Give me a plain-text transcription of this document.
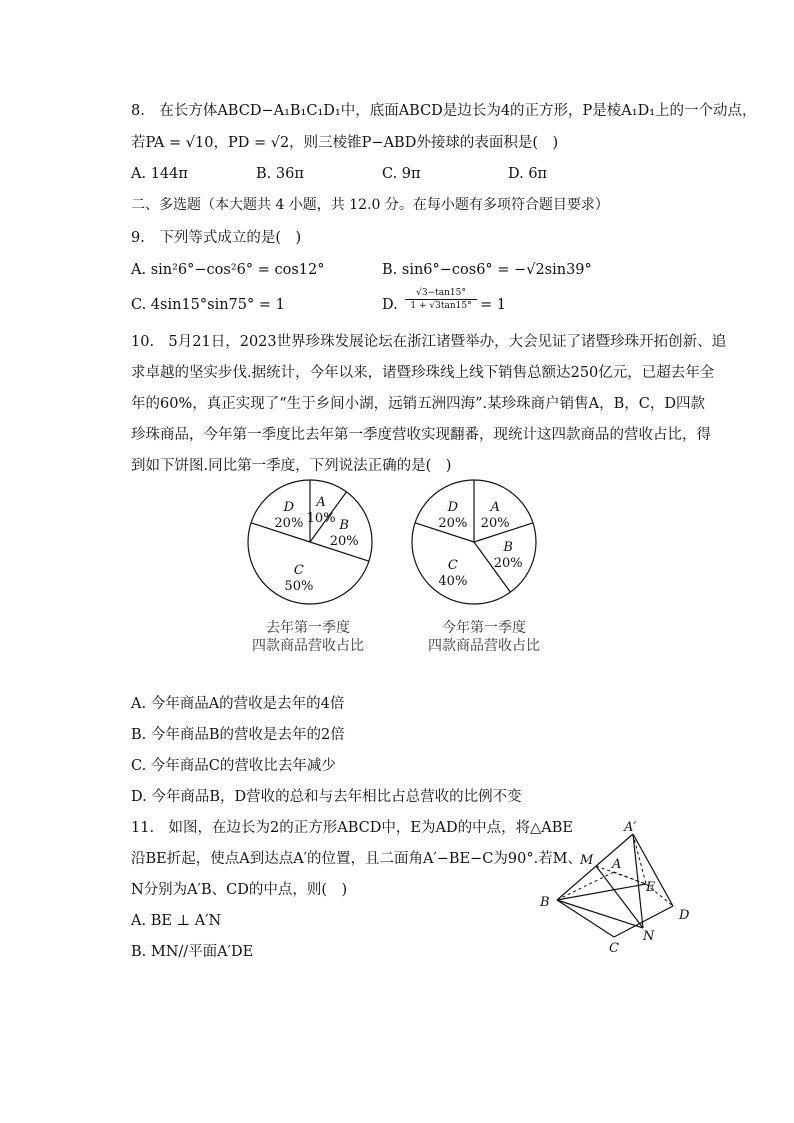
8.　在长方体ABCD−A₁B₁C₁D₁中，底面ABCD是边长为4的正方形，P是棱A₁D₁上的一个动点，
若PA = √10，PD = √2，则三棱锥P−ABD外接球的表面积是(　)
A. 144π	B. 36π	C. 9π	D. 6π
二、多选题（本大题共 4 小题，共 12.0 分。在每小题有多项符合题目要求）
9.　下列等式成立的是(　)
A. sin²6°−cos²6° = cos12°	B. sin6°−cos6° = −√2sin39°
C. 4sin15°sin75° = 1	D. $\frac{√3-\tan 15^\circ}{1 + √3\tan 15^\circ} = 1$
10.　5月21日，2023世界珍珠发展论坛在浙江诸暨举办，大会见证了诸暨珍珠开拓创新、追
求卓越的坚实步伐.据统计，今年以来，诸暨珍珠线上线下销售总额达250亿元，已超去年全
年的60%，真正实现了“生于乡间小湖，远销五洲四海”.某珍珠商户销售A，B，C，D四款
珍珠商品，今年第一季度比去年第一季度营收实现翻番，现统计这四款商品的营收占比，得
到如下饼图.同比第一季度，下列说法正确的是(　)
A
10% B
20%
C
50%
D
20%
去年第一季度
四款商品营收占比
A
20%
B
20%
C
40%
D
20%
今年第一季度
四款商品营收占比
A. 今年商品A的营收是去年的4倍
B. 今年商品B的营收是去年的2倍
C. 今年商品C的营收比去年减少
D. 今年商品B，D营收的总和与去年相比占总营收的比例不变
11.　如图，在边长为2的正方形ABCD中，E为AD的中点，将△ABE
沿BE折起，使点A到达点A′的位置，且二面角A′−BE−C为90°.若M、
N分别为A′B、CD的中点，则(　)
A. BE ⊥ A′N
B. MN//平面A′DE
A′
M A
E
B
D
N
C
